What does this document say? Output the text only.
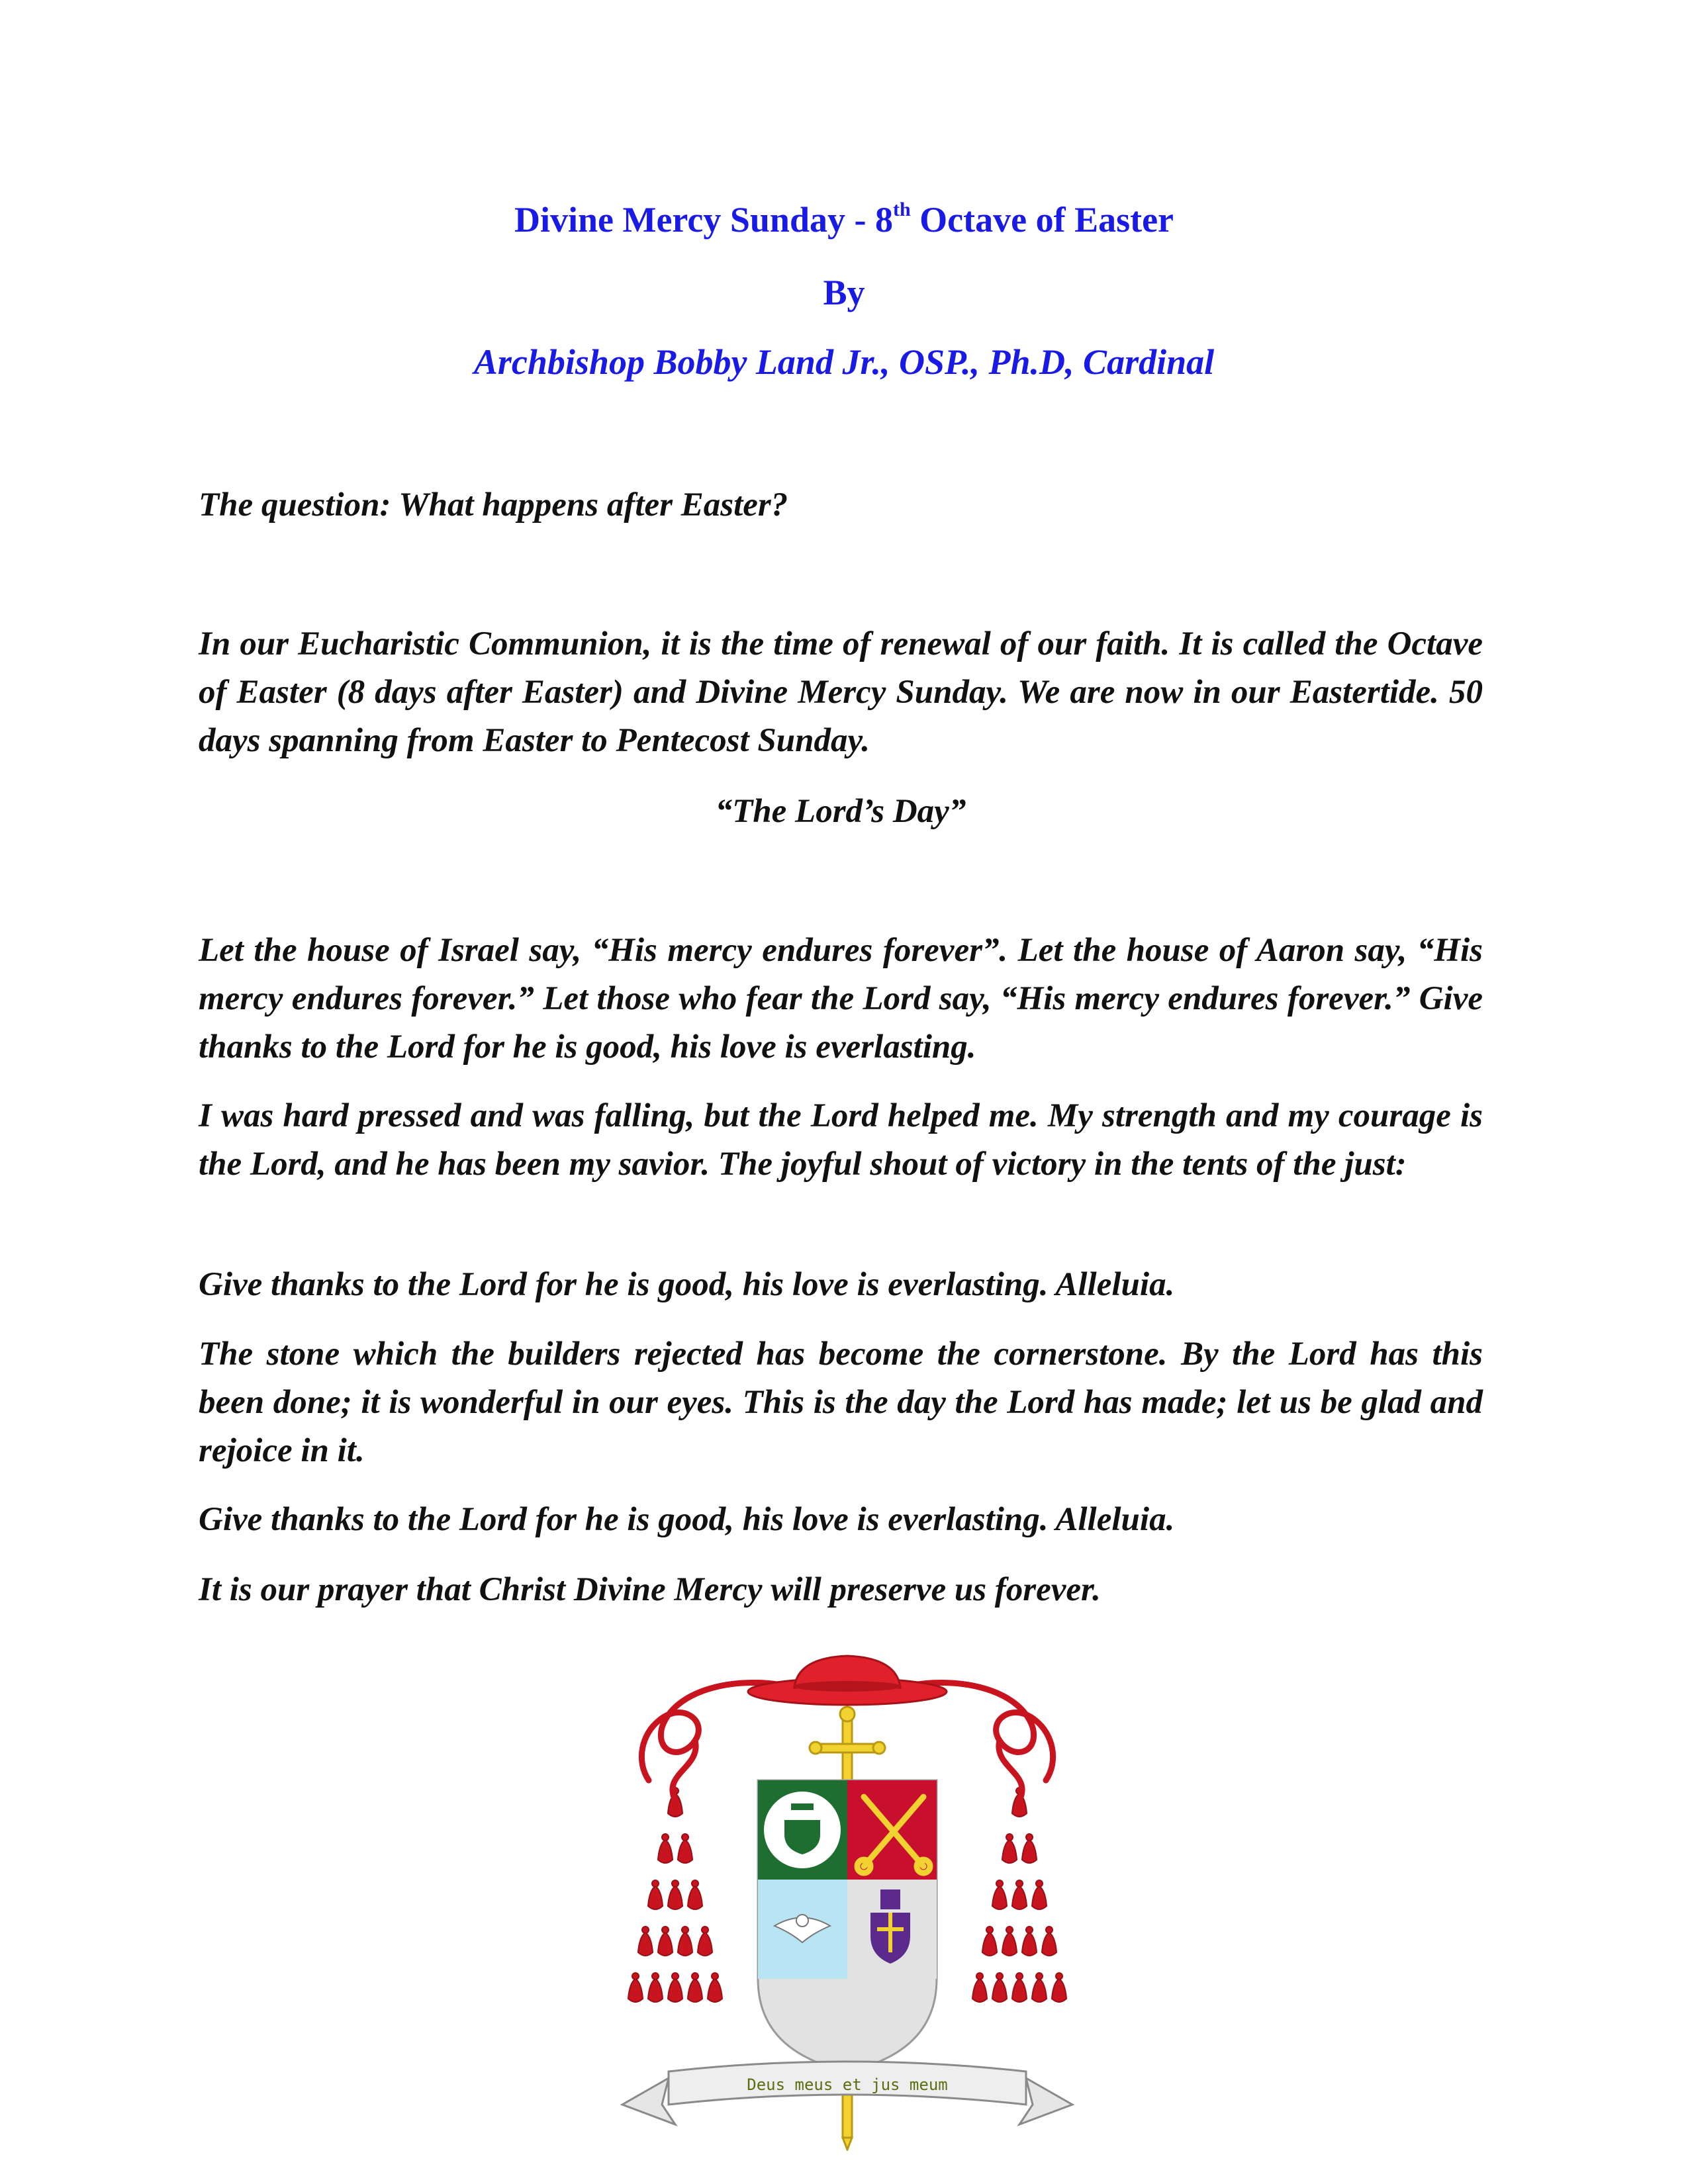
Divine Mercy Sunday - 8th Octave of Easter
By
Archbishop Bobby Land Jr., OSP., Ph.D, Cardinal

The question: What happens after Easter?

In our Eucharistic Communion, it is the time of renewal of our faith. It is called the Octave of Easter (8 days after Easter) and Divine Mercy Sunday. We are now in our Eastertide. 50 days spanning from Easter to Pentecost Sunday.

“The Lord’s Day”

Let the house of Israel say, “His mercy endures forever”. Let the house of Aaron say, “His mercy endures forever.” Let those who fear the Lord say, “His mercy endures forever.” Give thanks to the Lord for he is good, his love is everlasting.

I was hard pressed and was falling, but the Lord helped me. My strength and my courage is the Lord, and he has been my savior. The joyful shout of victory in the tents of the just:

Give thanks to the Lord for he is good, his love is everlasting. Alleluia.

The stone which the builders rejected has become the cornerstone. By the Lord has this been done; it is wonderful in our eyes. This is the day the Lord has made; let us be glad and rejoice in it.

Give thanks to the Lord for he is good, his love is everlasting. Alleluia.

It is our prayer that Christ Divine Mercy will preserve us forever.

Deus meus et jus meum
